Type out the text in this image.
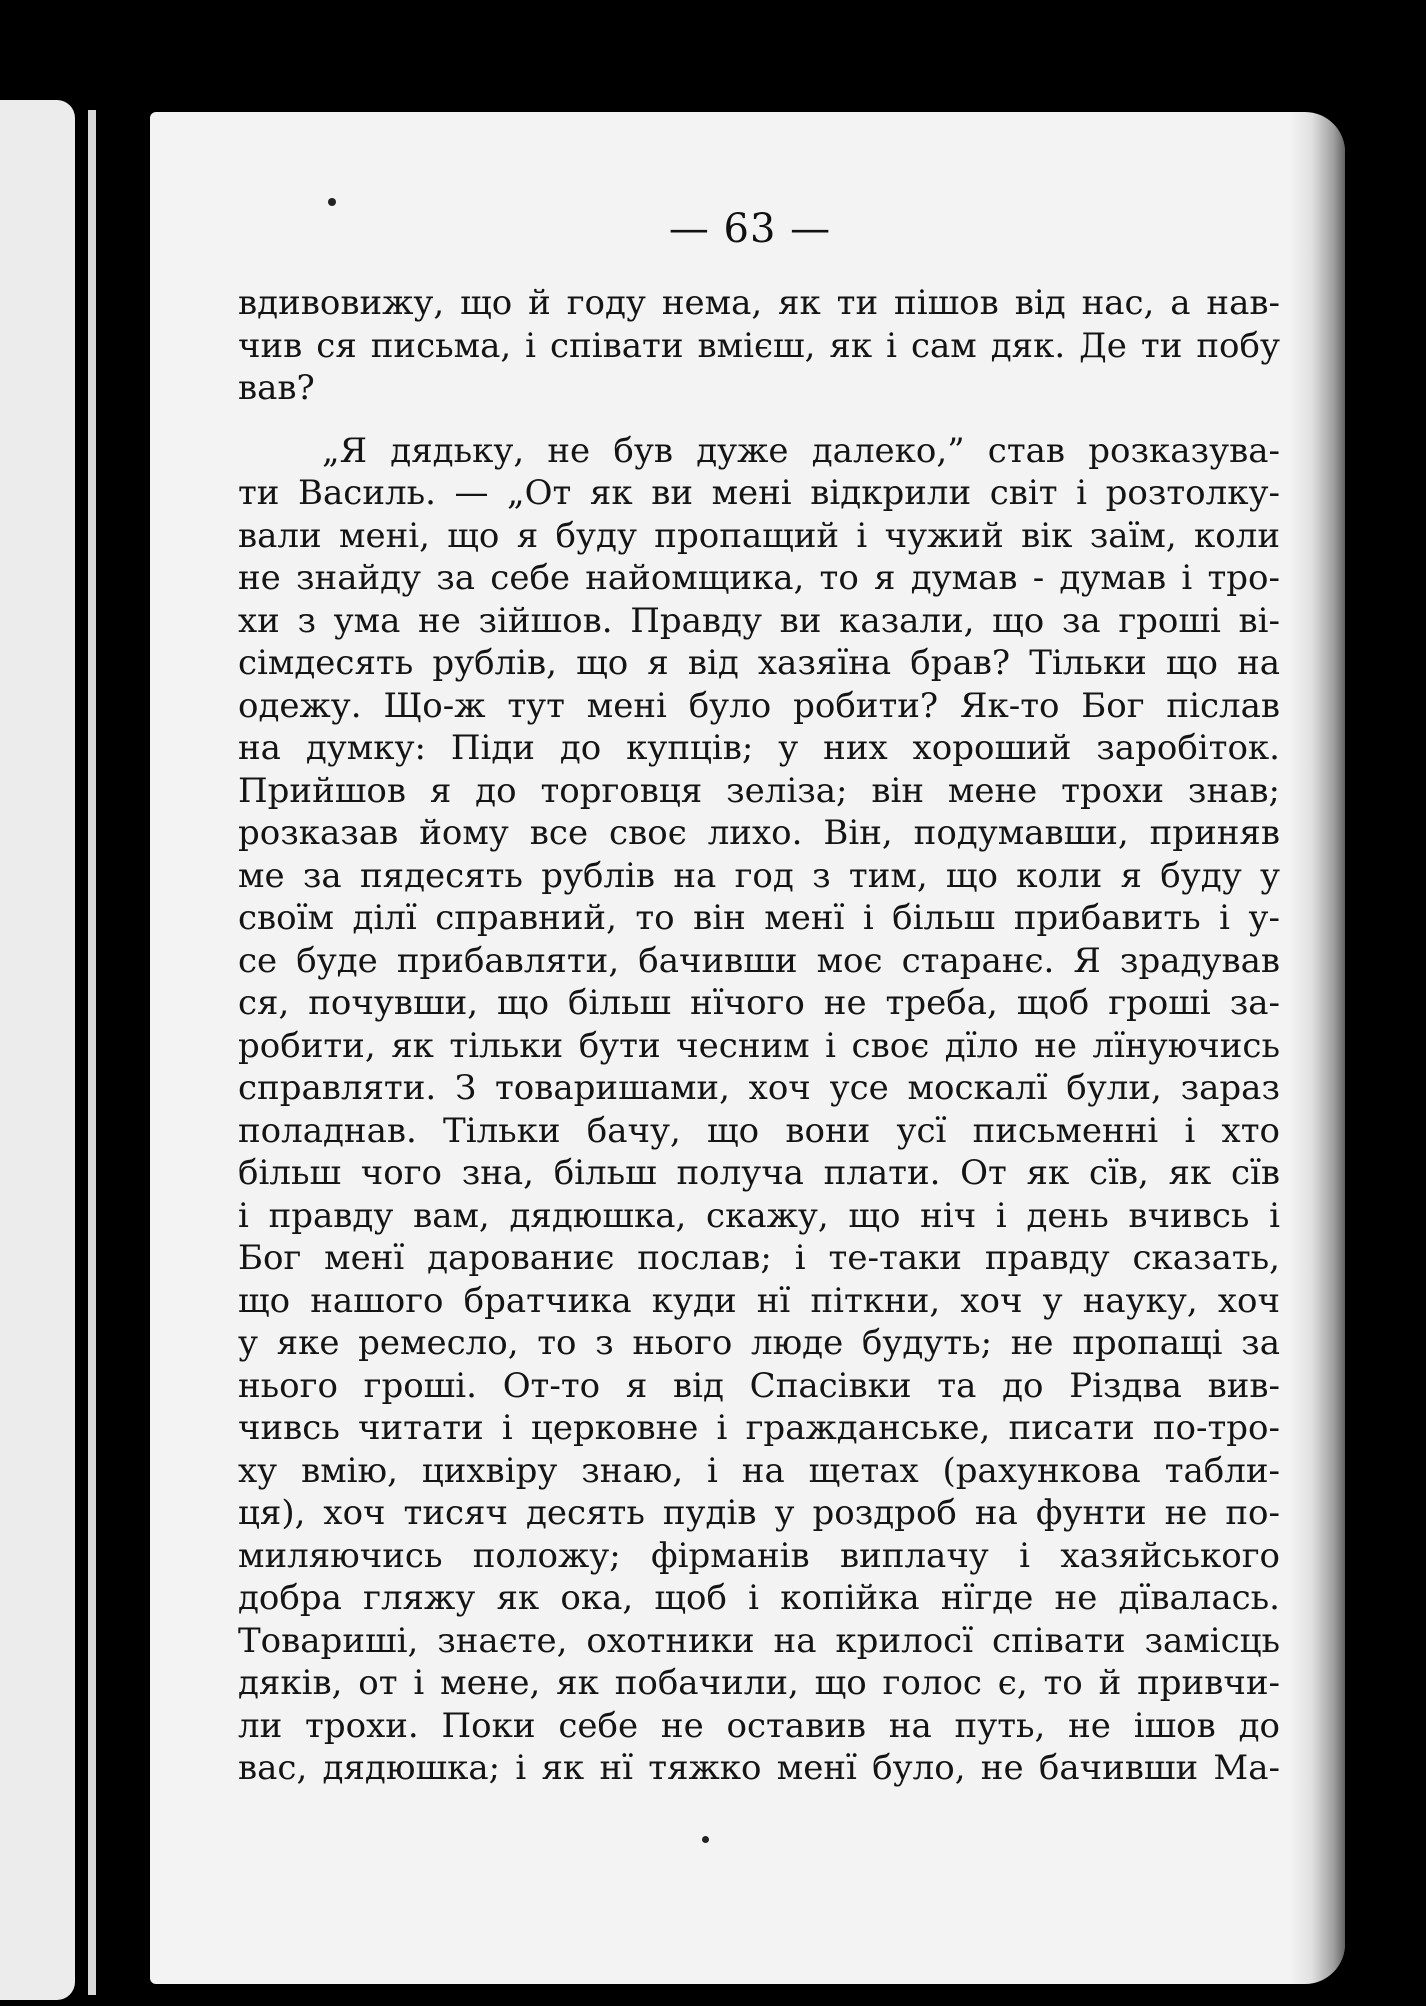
— 63 —
вдивовижу, що й году нема, як ти пішов від нас, а нав-
чив ся письма, і співати вмієш, як і сам дяк. Де ти побу
вав?
„Я дядьку, не був дуже далеко,” став розказува-
ти Василь. — „От як ви мені відкрили світ і розтолку-
вали мені, що я буду пропащий і чужий вік заїм, коли
не знайду за себе найомщика, то я думав - думав і тро-
хи з ума не зійшов. Правду ви казали, що за гроші ві-
сімдесять рублів, що я від хазяїна брав? Тільки що на
одежу. Що-ж тут мені було робити? Як-то Бог післав
на думку: Піди до купців; у них хороший заробіток.
Прийшов я до торговця зеліза; він мене трохи знав;
розказав йому все своє лихо. Він, подумавши, приняв
ме за пядесять рублів на год з тим, що коли я буду у
своїм ділї справний, то він менї і більш прибавить і у-
се буде прибавляти, бачивши моє старанє. Я зрадував
ся, почувши, що більш нїчого не треба, щоб гроші за-
робити, як тільки бути чесним і своє дїло не лїнуючись
справляти. З товаришами, хоч усе москалї були, зараз
поладнав. Тільки бачу, що вони усї письменні і хто
більш чого зна, більш получа плати. От як сїв, як сїв
і правду вам, дядюшка, скажу, що ніч і день вчивсь і
Бог менї дарованиє послав; і те-таки правду сказать,
що нашого братчика куди нї піткни, хоч у науку, хоч
у яке ремесло, то з нього люде будуть; не пропащі за
нього гроші. От-то я від Спасівки та до Різдва вив-
чивсь читати і церковне і гражданське, писати по-тро-
ху вмію, цихвіру знаю, і на щетах (рахункова табли-
ця), хоч тисяч десять пудів у роздроб на фунти не по-
миляючись положу; фірманів виплачу і хазяйського
добра гляжу як ока, щоб і копійка нїгде не дївалась.
Товариші, знаєте, охотники на крилосї співати замісць
дяків, от і мене, як побачили, що голос є, то й привчи-
ли трохи. Поки себе не оставив на путь, не ішов до
вас, дядюшка; і як нї тяжко менї було, не бачивши Ма-
